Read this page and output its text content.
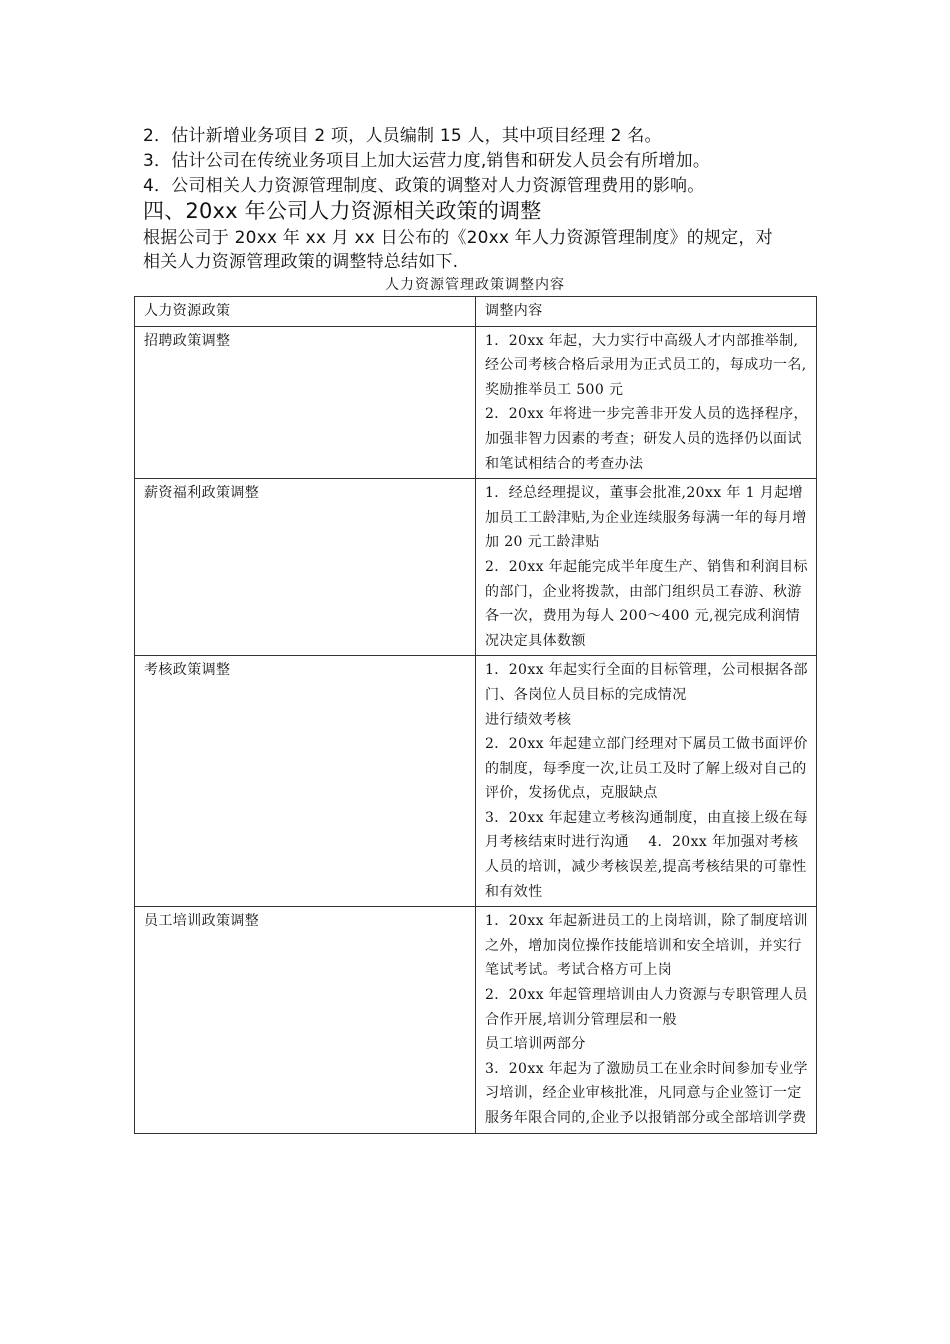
2．估计新增业务项目 2 项，人员编制 15 人，其中项目经理 2 名。
3．估计公司在传统业务项目上加大运营力度,销售和研发人员会有所增加。
4．公司相关人力资源管理制度、政策的调整对人力资源管理费用的影响。
四、20xx 年公司人力资源相关政策的调整
根据公司于 20xx 年 xx 月 xx 日公布的《20xx 年人力资源管理制度》的规定，对
相关人力资源管理政策的调整特总结如下.
人力资源管理政策调整内容
人力资源政策	调整内容
招聘政策调整	1．20xx 年起，大力实行中高级人才内部推举制,经公司考核合格后录用为正式员工的，每成功一名,奖励推举员工 500 元
2．20xx 年将进一步完善非开发人员的选择程序，加强非智力因素的考查；研发人员的选择仍以面试和笔试相结合的考查办法

薪资福利政策调整	1．经总经理提议，董事会批准,20xx 年 1 月起增加员工工龄津贴,为企业连续服务每满一年的每月增加 20 元工龄津贴
2．20xx 年起能完成半年度生产、销售和利润目标的部门，企业将拨款，由部门组织员工春游、秋游各一次，费用为每人 200～400 元,视完成利润情况决定具体数额

考核政策调整	1．20xx 年起实行全面的目标管理，公司根据各部门、各岗位人员目标的完成情况
进行绩效考核
2．20xx 年起建立部门经理对下属员工做书面评价的制度，每季度一次,让员工及时了解上级对自己的评价，发扬优点，克服缺点
3．20xx 年起建立考核沟通制度，由直接上级在每月考核结束时进行沟通　 4．20xx 年加强对考核人员的培训，减少考核误差,提高考核结果的可靠性和有效性

员工培训政策调整	1．20xx 年起新进员工的上岗培训，除了制度培训之外，增加岗位操作技能培训和安全培训，并实行笔试考试。考试合格方可上岗
2．20xx 年起管理培训由人力资源与专职管理人员合作开展,培训分管理层和一般
员工培训两部分
3．20xx 年起为了激励员工在业余时间参加专业学习培训，经企业审核批准，凡同意与企业签订一定服务年限合同的,企业予以报销部分或全部培训学费
